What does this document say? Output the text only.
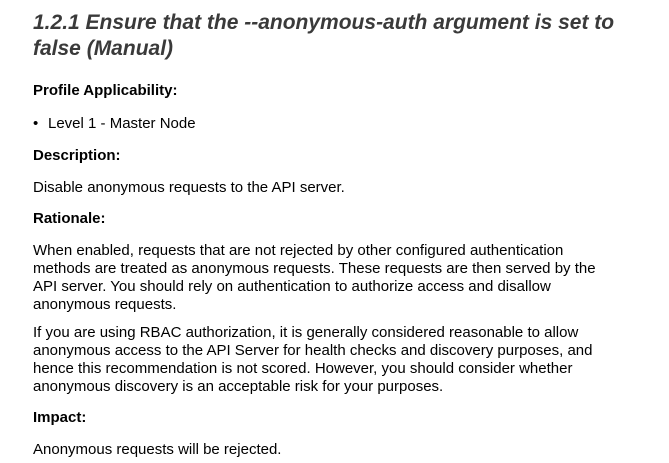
1.2.1 Ensure that the --anonymous-auth argument is set to false (Manual)
Profile Applicability:
• Level 1 - Master Node
Description:
Disable anonymous requests to the API server.
Rationale:
When enabled, requests that are not rejected by other configured authentication
methods are treated as anonymous requests. These requests are then served by the
API server. You should rely on authentication to authorize access and disallow
anonymous requests.
If you are using RBAC authorization, it is generally considered reasonable to allow
anonymous access to the API Server for health checks and discovery purposes, and
hence this recommendation is not scored. However, you should consider whether
anonymous discovery is an acceptable risk for your purposes.
Impact:
Anonymous requests will be rejected.
